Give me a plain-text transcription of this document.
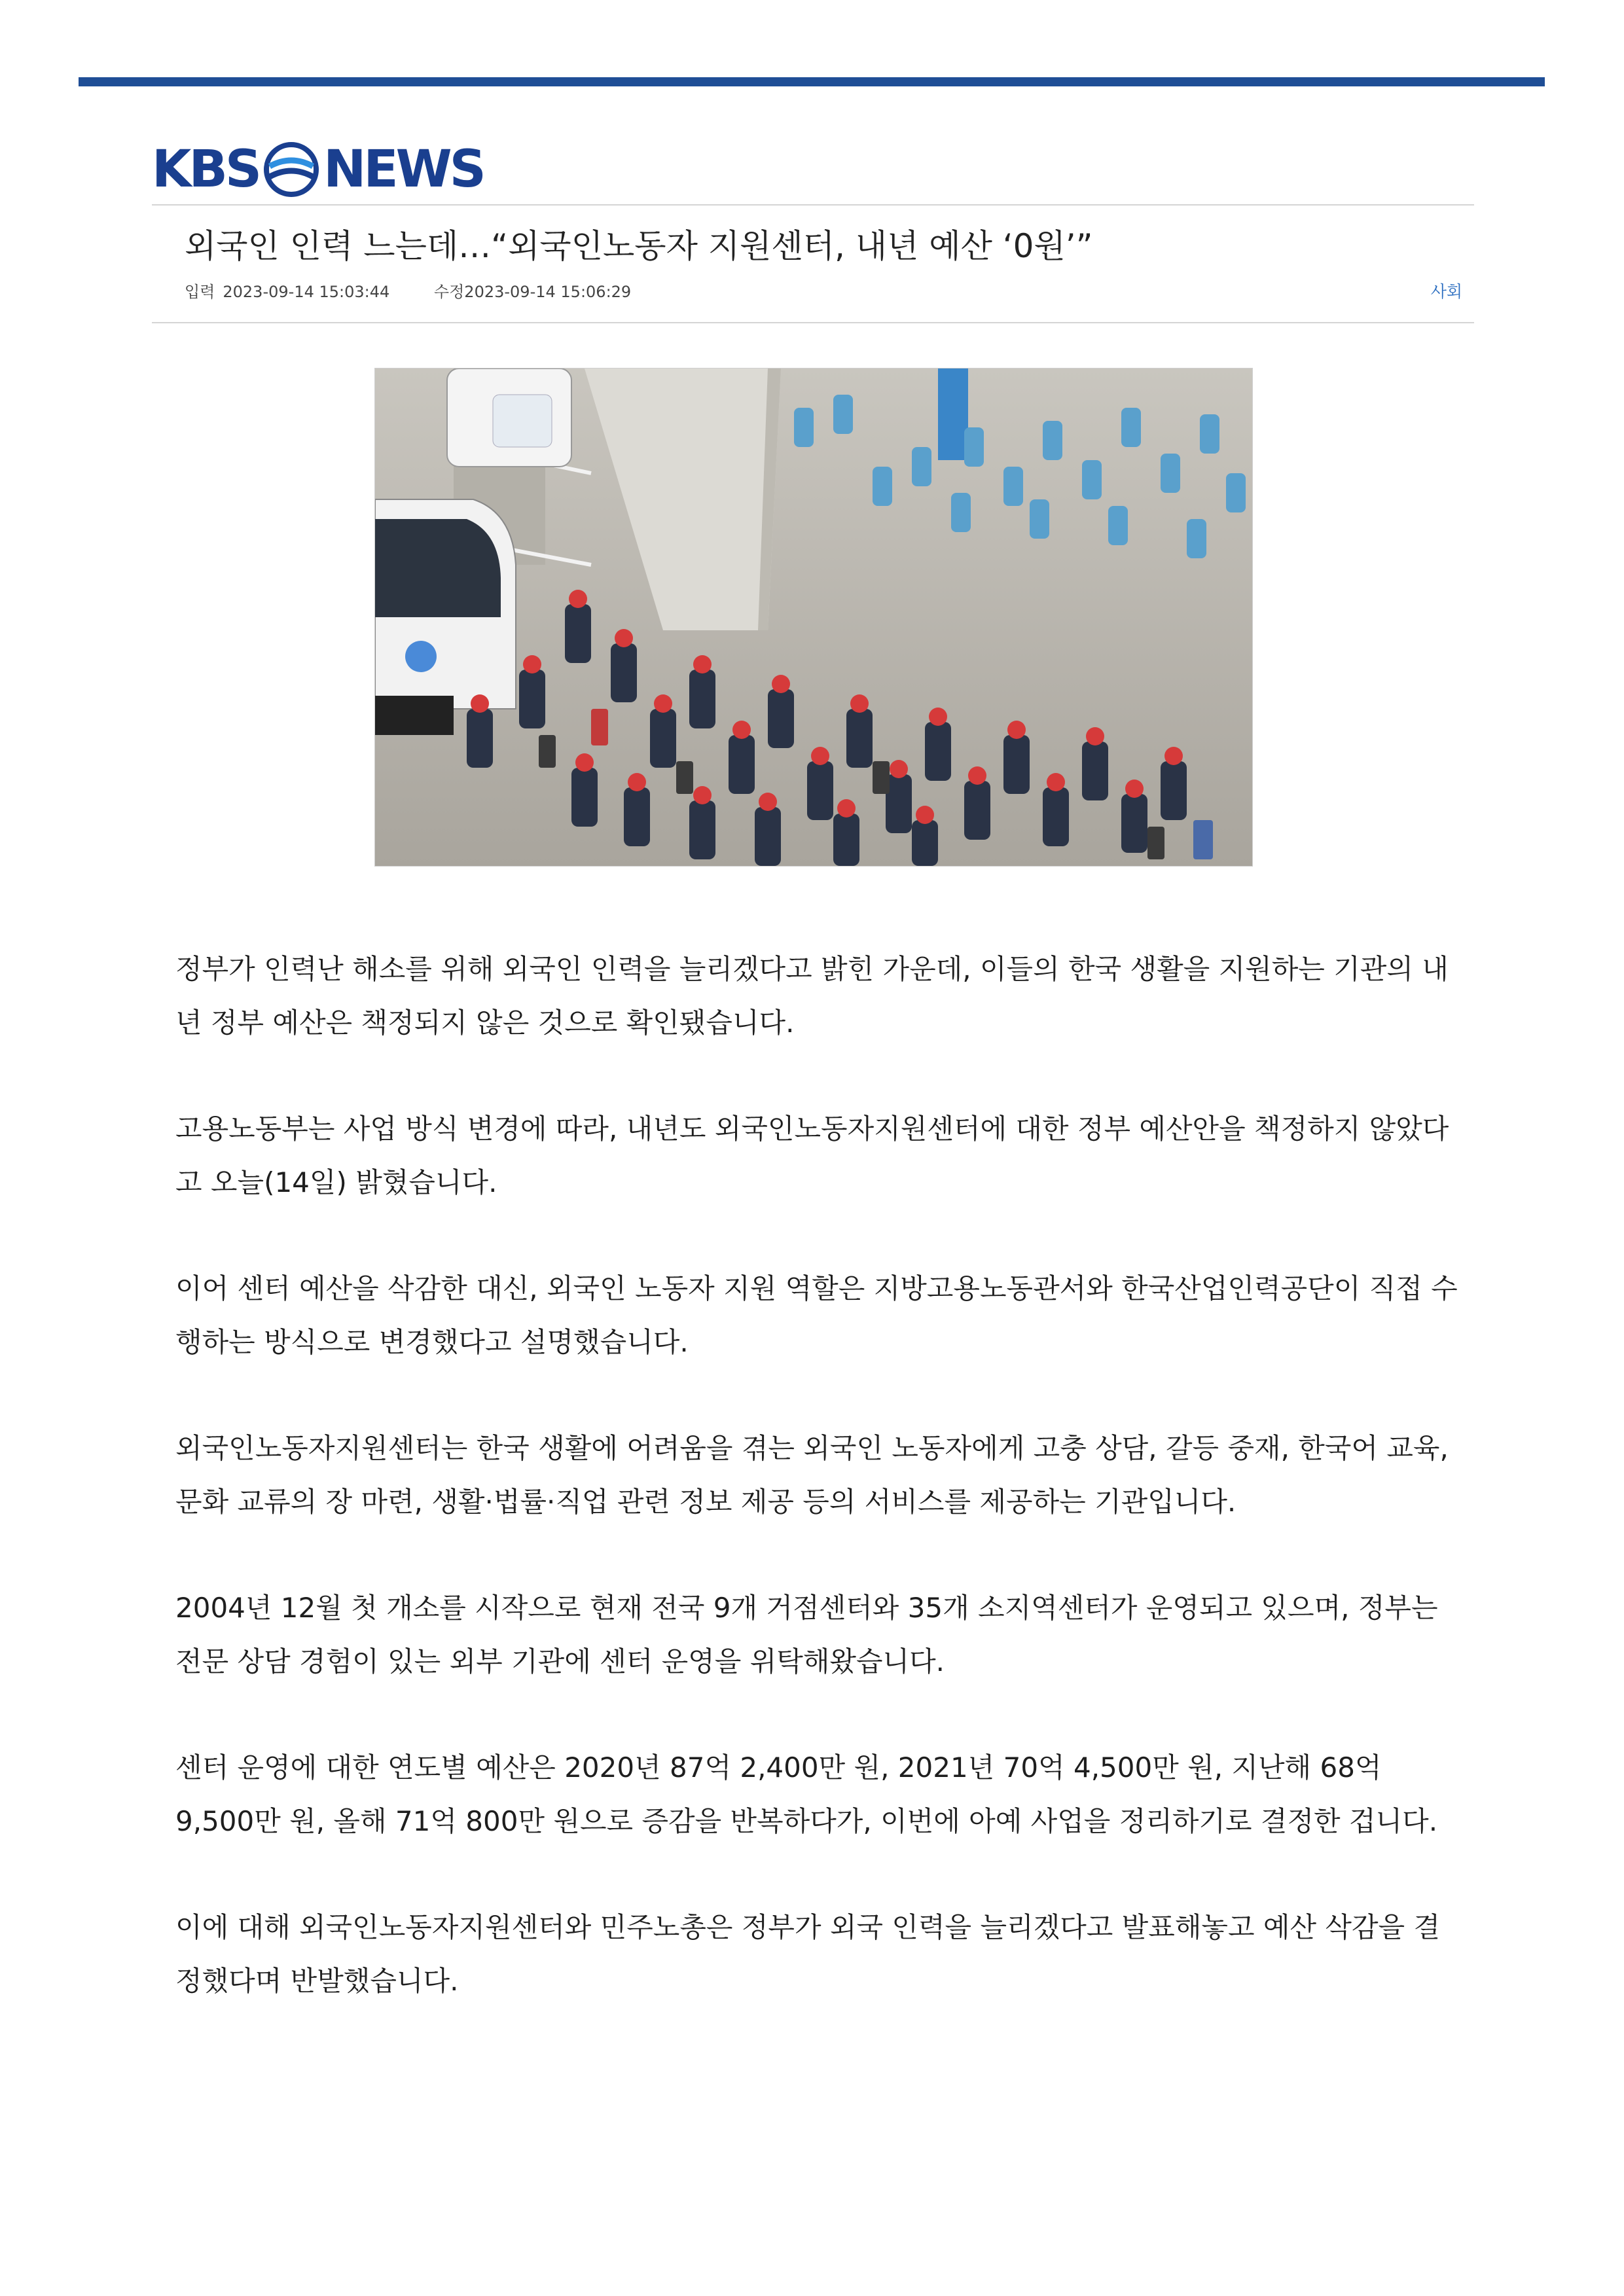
KBS NEWS
외국인 인력 느는데…“외국인노동자 지원센터, 내년 예산 ‘0원’”
입력 2023-09-14 15:03:44	수정2023-09-14 15:06:29	사회

정부가 인력난 해소를 위해 외국인 인력을 늘리겠다고 밝힌 가운데, 이들의 한국 생활을 지원하는 기관의 내년 정부 예산은 책정되지 않은 것으로 확인됐습니다.

고용노동부는 사업 방식 변경에 따라, 내년도 외국인노동자지원센터에 대한 정부 예산안을 책정하지 않았다고 오늘(14일) 밝혔습니다.

이어 센터 예산을 삭감한 대신, 외국인 노동자 지원 역할은 지방고용노동관서와 한국산업인력공단이 직접 수행하는 방식으로 변경했다고 설명했습니다.

외국인노동자지원센터는 한국 생활에 어려움을 겪는 외국인 노동자에게 고충 상담, 갈등 중재, 한국어 교육, 문화 교류의 장 마련, 생활·법률·직업 관련 정보 제공 등의 서비스를 제공하는 기관입니다.

2004년 12월 첫 개소를 시작으로 현재 전국 9개 거점센터와 35개 소지역센터가 운영되고 있으며, 정부는 전문 상담 경험이 있는 외부 기관에 센터 운영을 위탁해왔습니다.

센터 운영에 대한 연도별 예산은 2020년 87억 2,400만 원, 2021년 70억 4,500만 원, 지난해 68억 9,500만 원, 올해 71억 800만 원으로 증감을 반복하다가, 이번에 아예 사업을 정리하기로 결정한 겁니다.

이에 대해 외국인노동자지원센터와 민주노총은 정부가 외국 인력을 늘리겠다고 발표해놓고 예산 삭감을 결정했다며 반발했습니다.
